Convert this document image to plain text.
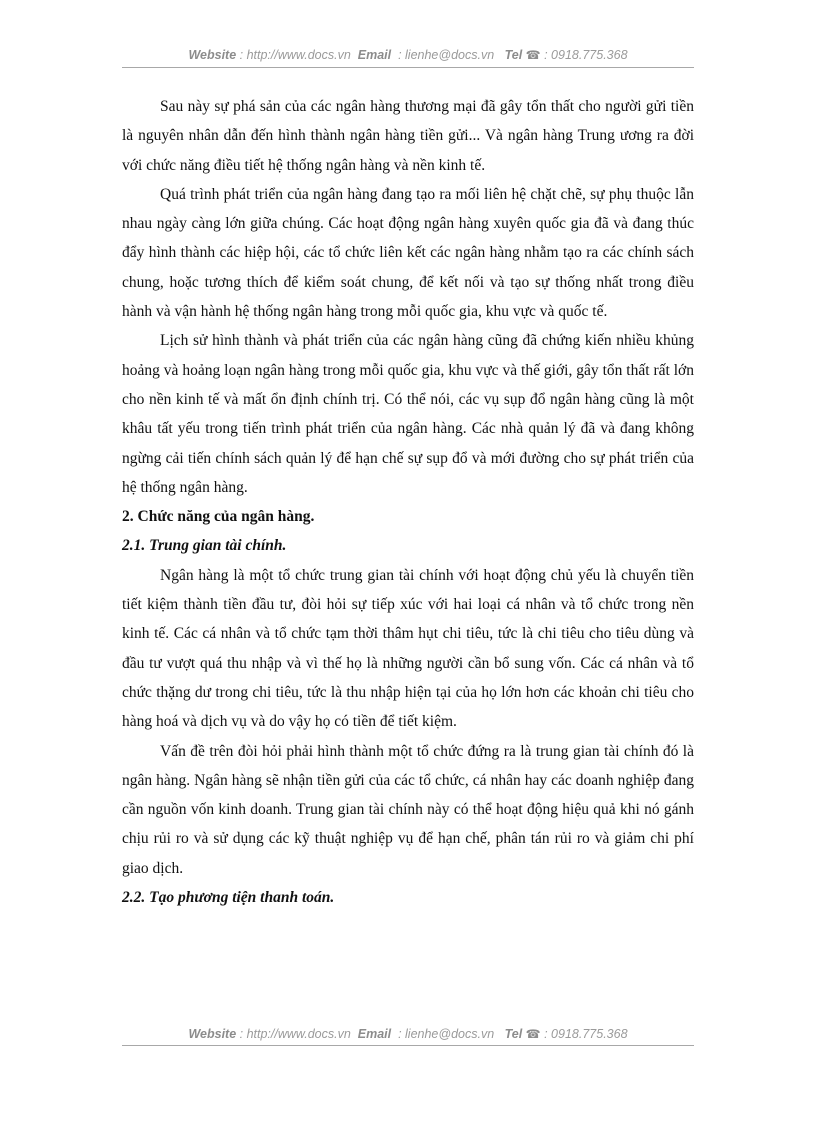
Website : http://www.docs.vn Email : lienhe@docs.vn Tel ☎ : 0918.775.368

Sau này sự phá sản của các ngân hàng thương mại đã gây tổn thất cho người gửi tiền là nguyên nhân dẫn đến hình thành ngân hàng tiền gửi... Và ngân hàng Trung ương ra đời với chức năng điều tiết hệ thống ngân hàng và nền kinh tế.

Quá trình phát triển của ngân hàng đang tạo ra mối liên hệ chặt chẽ, sự phụ thuộc lẫn nhau ngày càng lớn giữa chúng. Các hoạt động ngân hàng xuyên quốc gia đã và đang thúc đẩy hình thành các hiệp hội, các tổ chức liên kết các ngân hàng nhằm tạo ra các chính sách chung, hoặc tương thích để kiểm soát chung, để kết nối và tạo sự thống nhất trong điều hành và vận hành hệ thống ngân hàng trong mỗi quốc gia, khu vực và quốc tế.

Lịch sử hình thành và phát triển của các ngân hàng cũng đã chứng kiến nhiều khủng hoảng và hoảng loạn ngân hàng trong mỗi quốc gia, khu vực và thế giới, gây tổn thất rất lớn cho nền kinh tế và mất ổn định chính trị. Có thể nói, các vụ sụp đổ ngân hàng cũng là một khâu tất yếu trong tiến trình phát triển của ngân hàng. Các nhà quản lý đã và đang không ngừng cải tiến chính sách quản lý để hạn chế sự sụp đổ và mới đường cho sự phát triển của hệ thống ngân hàng.

2. Chức năng của ngân hàng.
2.1. Trung gian tài chính.

Ngân hàng là một tổ chức trung gian tài chính với hoạt động chủ yếu là chuyển tiền tiết kiệm thành tiền đầu tư, đòi hỏi sự tiếp xúc với hai loại cá nhân và tổ chức trong nền kinh tế. Các cá nhân và tổ chức tạm thời thâm hụt chi tiêu, tức là chi tiêu cho tiêu dùng và đầu tư vượt quá thu nhập và vì thế họ là những người cần bổ sung vốn. Các cá nhân và tổ chức thặng dư trong chi tiêu, tức là thu nhập hiện tại của họ lớn hơn các khoản chi tiêu cho hàng hoá và dịch vụ và do vậy họ có tiền để tiết kiệm.

Vấn đề trên đòi hỏi phải hình thành một tổ chức đứng ra là trung gian tài chính đó là ngân hàng. Ngân hàng sẽ nhận tiền gửi của các tổ chức, cá nhân hay các doanh nghiệp đang cần nguồn vốn kinh doanh. Trung gian tài chính này có thể hoạt động hiệu quả khi nó gánh chịu rủi ro và sử dụng các kỹ thuật nghiệp vụ để hạn chế, phân tán rủi ro và giảm chi phí giao dịch.

2.2. Tạo phương tiện thanh toán.
Website : http://www.docs.vn Email : lienhe@docs.vn Tel ☎ : 0918.775.368
